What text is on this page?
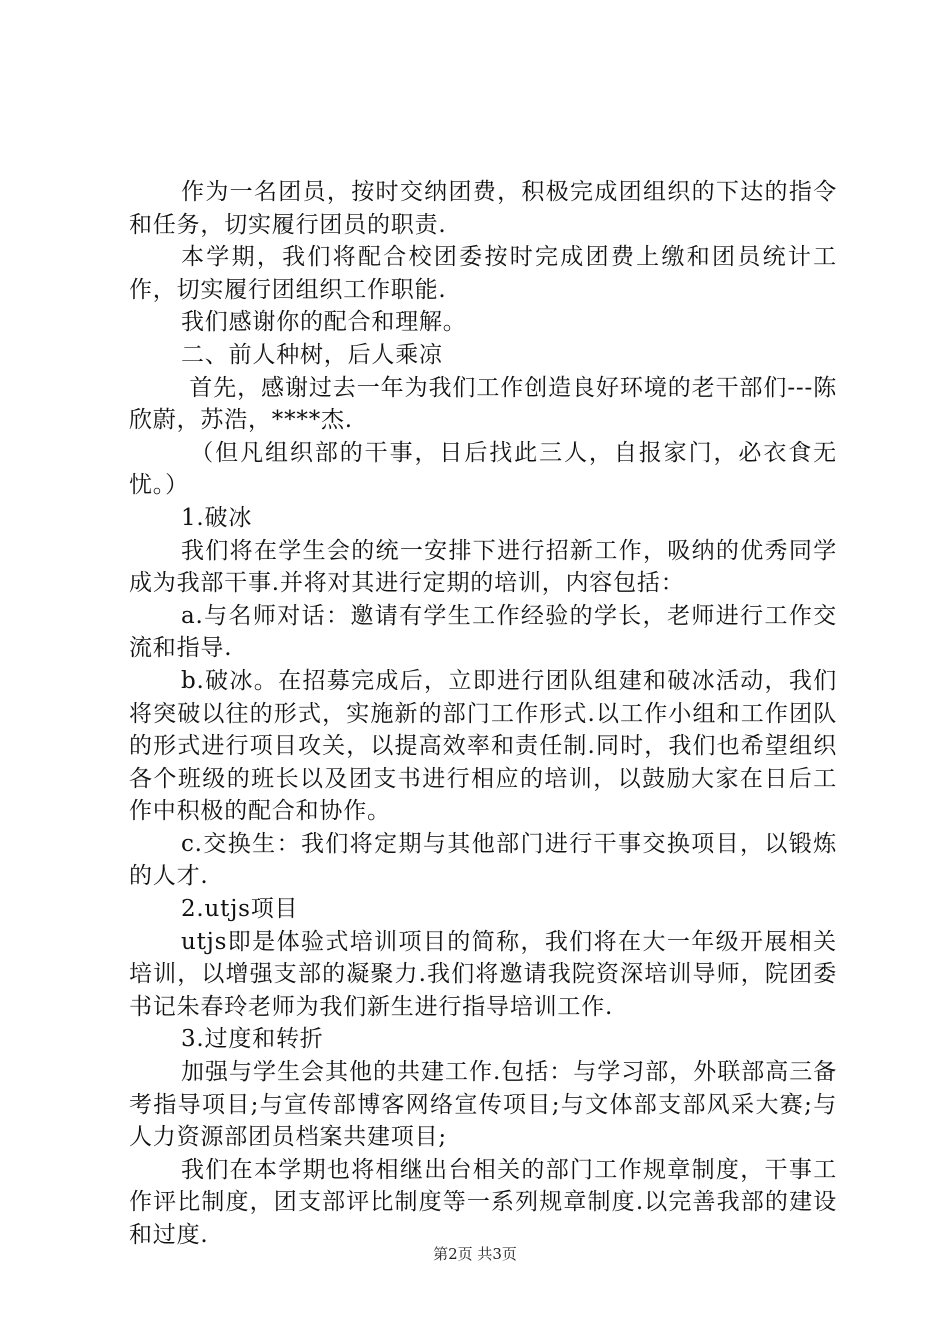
作为一名团员，按时交纳团费，积极完成团组织的下达的指令和任务，切实履行团员的职责.

本学期，我们将配合校团委按时完成团费上缴和团员统计工作，切实履行团组织工作职能.

我们感谢你的配合和理解。

二、前人种树，后人乘凉

首先，感谢过去一年为我们工作创造良好环境的老干部们---陈欣蔚，苏浩，****杰.

（但凡组织部的干事，日后找此三人，自报家门，必衣食无忧。）

1.破冰

我们将在学生会的统一安排下进行招新工作，吸纳的优秀同学成为我部干事.并将对其进行定期的培训，内容包括：

a.与名师对话：邀请有学生工作经验的学长，老师进行工作交流和指导.

b.破冰。在招募完成后，立即进行团队组建和破冰活动，我们将突破以往的形式，实施新的部门工作形式.以工作小组和工作团队的形式进行项目攻关，以提高效率和责任制.同时，我们也希望组织各个班级的班长以及团支书进行相应的培训，以鼓励大家在日后工作中积极的配合和协作。

c.交换生：我们将定期与其他部门进行干事交换项目，以锻炼的人才.

2.utjs项目

utjs即是体验式培训项目的简称，我们将在大一年级开展相关培训，以增强支部的凝聚力.我们将邀请我院资深培训导师，院团委书记朱春玲老师为我们新生进行指导培训工作.

3.过度和转折

加强与学生会其他的共建工作.包括：与学习部，外联部高三备考指导项目;与宣传部博客网络宣传项目;与文体部支部风采大赛;与人力资源部团员档案共建项目;

我们在本学期也将相继出台相关的部门工作规章制度，干事工作评比制度，团支部评比制度等一系列规章制度.以完善我部的建设和过度.

第2页 共3页
